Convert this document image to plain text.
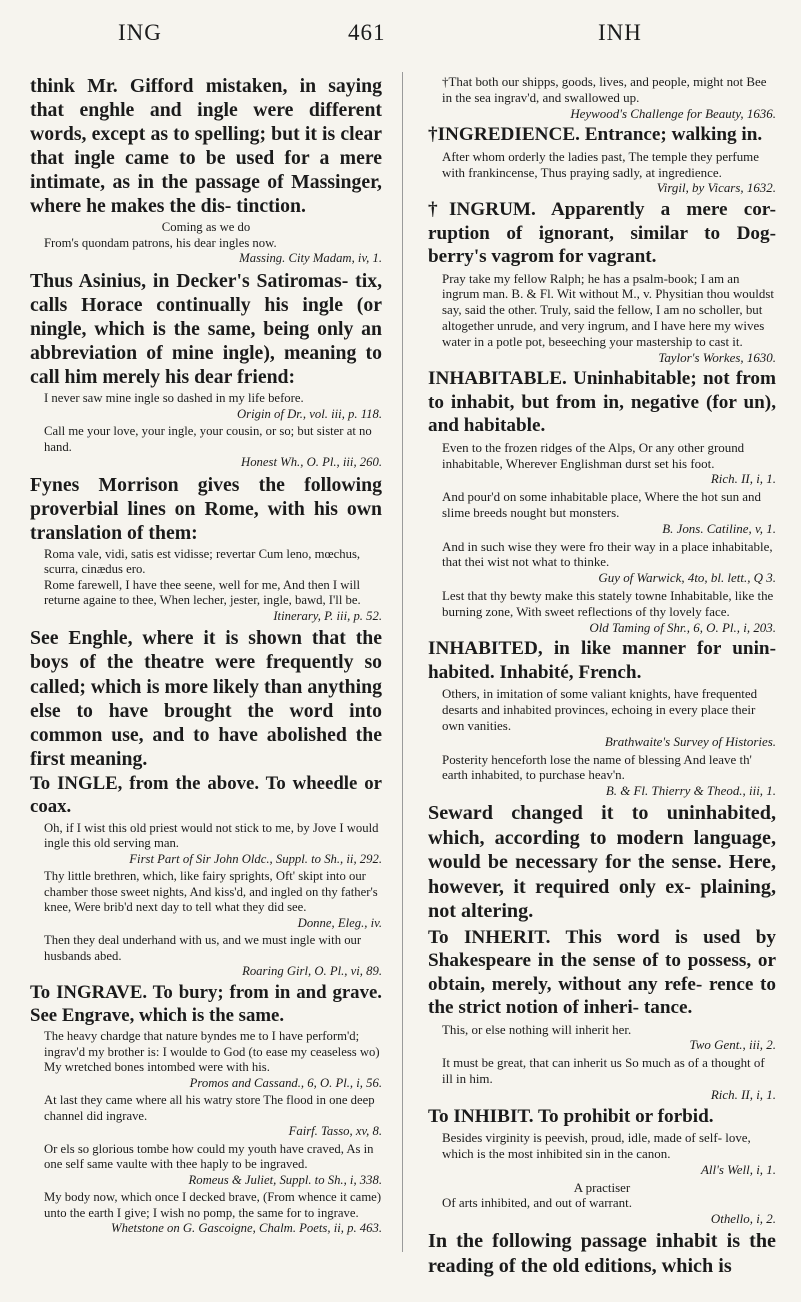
ING	461	INH

think Mr. Gifford mistaken, in saying that enghle and ingle were different words, except as to spelling; but it is clear that ingle came to be used for a mere intimate, as in the passage of Massinger, where he makes the dis- tinction.

Coming as we do

From's quondam patrons, his dear ingles now.

Massing. City Madam, iv, 1.

Thus Asinius, in Decker's Satiromas- tix, calls Horace continually his ingle (or ningle, which is the same, being only an abbreviation of mine ingle), meaning to call him merely his dear friend:

I never saw mine ingle so dashed in my life before.

Origin of Dr., vol. iii, p. 118.

Call me your love, your ingle, your cousin, or so; but sister at no hand.

Honest Wh., O. Pl., iii, 260.

Fynes Morrison gives the following proverbial lines on Rome, with his own translation of them:

Roma vale, vidi, satis est vidisse; revertar Cum leno, mœchus, scurra, cinædus ero.

Rome farewell, I have thee seene, well for me, And then I will returne againe to thee, When lecher, jester, ingle, bawd, I'll be.

Itinerary, P. iii, p. 52.

See Enghle, where it is shown that the boys of the theatre were frequently so called; which is more likely than anything else to have brought the word into common use, and to have abolished the first meaning.

To INGLE, from the above. To wheedle or coax.

Oh, if I wist this old priest would not stick to me, by Jove I would ingle this old serving man.

First Part of Sir John Oldc., Suppl. to Sh., ii, 292.

Thy little brethren, which, like fairy sprights, Oft' skipt into our chamber those sweet nights, And kiss'd, and ingled on thy father's knee, Were brib'd next day to tell what they did see.

Donne, Eleg., iv.

Then they deal underhand with us, and we must ingle with our husbands abed.

Roaring Girl, O. Pl., vi, 89.

To INGRAVE. To bury; from in and grave. See Engrave, which is the same.

The heavy chardge that nature byndes me to I have perform'd; ingrav'd my brother is: I woulde to God (to ease my ceaseless wo) My wretched bones intombed were with his.

Promos and Cassand., 6, O. Pl., i, 56.

At last they came where all his watry store The flood in one deep channel did ingrave.

Fairf. Tasso, xv, 8.

Or els so glorious tombe how could my youth have craved, As in one self same vaulte with thee haply to be ingraved.

Romeus & Juliet, Suppl. to Sh., i, 338.

My body now, which once I decked brave, (From whence it came) unto the earth I give; I wish no pomp, the same for to ingrave.

Whetstone on G. Gascoigne, Chalm. Poets, ii, p. 463.

†That both our shipps, goods, lives, and people, might not Bee in the sea ingrav'd, and swallowed up.

Heywood's Challenge for Beauty, 1636.

†INGREDIENCE. Entrance; walking in.

After whom orderly the ladies past, The temple they perfume with frankincense, Thus praying sadly, at ingredience.

Virgil, by Vicars, 1632.

†INGRUM. Apparently a mere cor- ruption of ignorant, similar to Dog- berry's vagrom for vagrant.

Pray take my fellow Ralph; he has a psalm-book; I am an ingrum man. B. & Fl. Wit without M., v. Physitian thou wouldst say, said the other. Truly, said the fellow, I am no scholler, but altogether unrude, and very ingrum, and I have here my wives water in a potle pot, beseeching your mastership to cast it.

Taylor's Workes, 1630.

INHABITABLE. Uninhabitable; not from to inhabit, but from in, negative (for un), and habitable.

Even to the frozen ridges of the Alps, Or any other ground inhabitable, Wherever Englishman durst set his foot.

Rich. II, i, 1.

And pour'd on some inhabitable place, Where the hot sun and slime breeds nought but monsters.

B. Jons. Catiline, v, 1.

And in such wise they were fro their way in a place inhabitable, that thei wist not what to thinke.

Guy of Warwick, 4to, bl. lett., Q 3.

Lest that thy bewty make this stately towne Inhabitable, like the burning zone, With sweet reflections of thy lovely face.

Old Taming of Shr., 6, O. Pl., i, 203.

INHABITED, in like manner for unin- habited. Inhabité, French.

Others, in imitation of some valiant knights, have frequented desarts and inhabited provinces, echoing in every place their own vanities.

Brathwaite's Survey of Histories.

Posterity henceforth lose the name of blessing And leave th' earth inhabited, to purchase heav'n.

B. & Fl. Thierry & Theod., iii, 1.

Seward changed it to uninhabited, which, according to modern language, would be necessary for the sense. Here, however, it required only ex- plaining, not altering.

To INHERIT. This word is used by Shakespeare in the sense of to possess, or obtain, merely, without any refe- rence to the strict notion of inheri- tance.

This, or else nothing will inherit her.

Two Gent., iii, 2.

It must be great, that can inherit us So much as of a thought of ill in him.

Rich. II, i, 1.

To INHIBIT. To prohibit or forbid.

Besides virginity is peevish, proud, idle, made of self- love, which is the most inhibited sin in the canon.

All's Well, i, 1.

A practiser

Of arts inhibited, and out of warrant.

Othello, i, 2.

In the following passage inhabit is the reading of the old editions, which is
